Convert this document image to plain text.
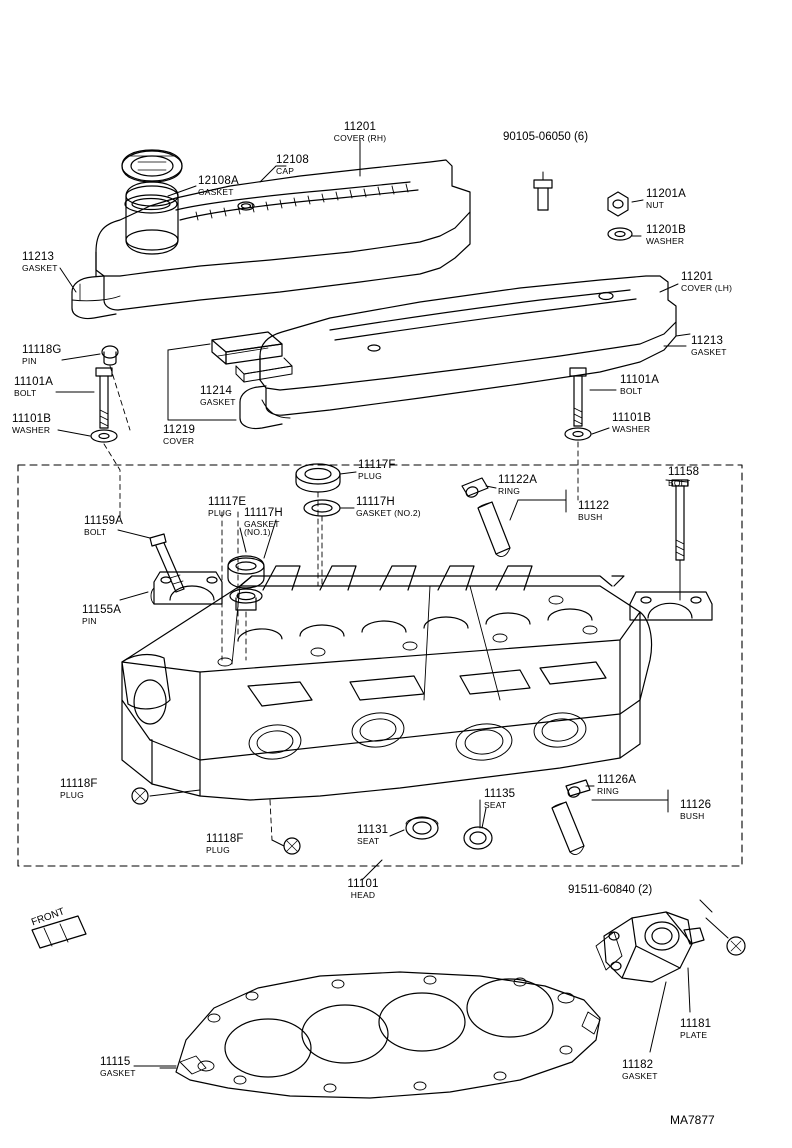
11201
COVER (RH)
12108
CAP
12108A
GASKET
90105-06050 (6)
11201A
NUT
11201B
WASHER
11201
COVER (LH)
11213
GASKET
11213
GASKET
11118G
PIN
11101A
BOLT
11101B
WASHER
11214
GASKET
11219
COVER
11101A
BOLT
11101B
WASHER
11117F
PLUG
11117H
GASKET (NO.2)
11117H
GASKET
(NO.1)
11117E
PLUG
11122A
RING
11122
BUSH
11158
BOLT
11159A
BOLT
11155A
PIN
11118F
PLUG
11118F
PLUG
11131
SEAT
11135
SEAT
11126A
RING
11126
BUSH
11101
HEAD	91511-60840 (2)
11181
PLATE
11182
GASKET
11115
GASKET
FRONT
MA7877
